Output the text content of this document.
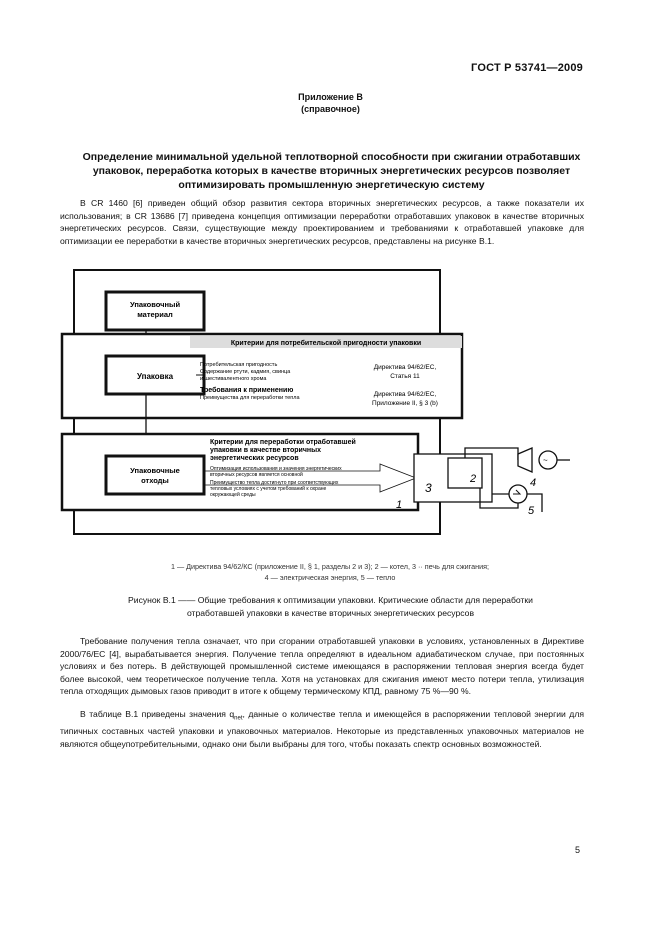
ГОСТ Р 53741—2009
Приложение В
(справочное)
Определение минимальной удельной теплотворной способности при сжигании отработавших
упаковок, переработка которых в качестве вторичных энергетических ресурсов позволяет
оптимизировать промышленную энергетическую систему
В CR 1460 [6] приведен общий обзор развития сектора вторичных энергетических ресурсов, а также показатели их использования; в CR 13686 [7] приведена концепция оптимизации переработки отработавших упаковок в качестве вторичных энергетических ресурсов. Связи, существующие между проектированием и требованиями к отработавшей упаковке для оптимизации ее переработки в качестве вторичных энергетических ресурсов, представлены на рисунке В.1.
Упаковочный
материал
Критерии для потребительской пригодности упаковки
Упаковка
Потребительская пригодность
Содержание ртути, кадмия, свинца
и шестивалентного хрома
Директива 94/62/EC,
Статья 11
Требования к применению
Преимущества для переработки тепла	Директива 94/62/EC,
Приложение II, § 3 (b)
Упаковочные
отходы
Критерии для переработки отработавшей
упаковки в качестве вторичных
энергетических ресурсов
Оптимизация использования и значения энергетических
вторичных ресурсов является основной
Преимущество тепла достигнуто при соответствующих
тепловых условиях с учетом требований к охране
окружающей среды	3
1
2
~
4
5
1 — Директива 94/62/КС (приложение II, § 1, разделы 2 и 3); 2 — котел, 3 ·· печь для сжигания;
4 — электрическая энергия, 5 — тепло
Рисунок В.1 —— Общие требования к оптимизации упаковки. Критические области для переработки
отработавшей упаковки в качестве вторичных энергетических ресурсов
Требование получения тепла означает, что при сгорании отработавшей упаковки в условиях, установленных в Директиве 2000/76/ЕС [4], вырабатывается энергия. Получение тепла определяют в идеальном адиабатическом случае, при постоянных условиях и без потерь. В действующей промышленной системе имеющаяся в распоряжении тепловая энергия всегда будет более высокой, чем теоретическое получение тепла. Хотя на установках для сжигания имеют место потери тепла, утилизация тепла отходящих дымовых газов приводит в итоге к общему термическому КПД, равному 75 %—90 %.
В таблице В.1 приведены значения $q_{net}$, данные о количестве тепла и имеющейся в распоряжении тепловой энергии для типичных составных частей упаковки и упаковочных материалов. Некоторые из представленных упаковочных материалов не являются общеупотребительными, однако они были выбраны для того, чтобы показать спектр основных возможностей.
5
